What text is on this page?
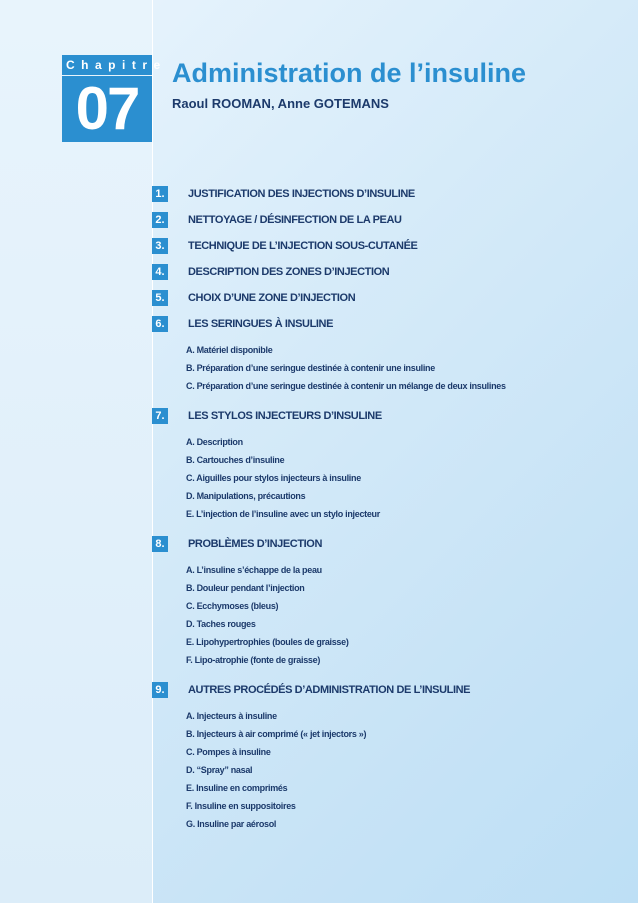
Chapitre
07
Administration de l’insuline
Raoul ROOMAN, Anne GOTEMANS
1.	JUSTIFICATION DES INJECTIONS D’INSULINE
2.	NETTOYAGE / DÉSINFECTION DE LA PEAU
3.	TECHNIQUE DE L’INJECTION SOUS-CUTANÉE
4.	DESCRIPTION DES ZONES D’INJECTION
5.	CHOIX D’UNE ZONE D’INJECTION
6.	LES SERINGUES À INSULINE
A. Matériel disponible
B. Préparation d’une seringue destinée à contenir une insuline
C. Préparation d’une seringue destinée à contenir un mélange de deux insulines
7.	LES STYLOS INJECTEURS D’INSULINE
A. Description
B. Cartouches d’insuline
C. Aiguilles pour stylos injecteurs à insuline
D. Manipulations, précautions
E. L’injection de l’insuline avec un stylo injecteur
8.	PROBLÈMES D’INJECTION
A. L’insuline s’échappe de la peau
B. Douleur pendant l’injection
C. Ecchymoses (bleus)
D. Taches rouges
E. Lipohypertrophies (boules de graisse)
F. Lipo-atrophie (fonte de graisse)
9.	AUTRES PROCÉDÉS D’ADMINISTRATION DE L’INSULINE
A. Injecteurs à insuline
B. Injecteurs à air comprimé (« jet injectors »)
C. Pompes à insuline
D. “Spray” nasal
E. Insuline en comprimés
F. Insuline en suppositoires
G. Insuline par aérosol
